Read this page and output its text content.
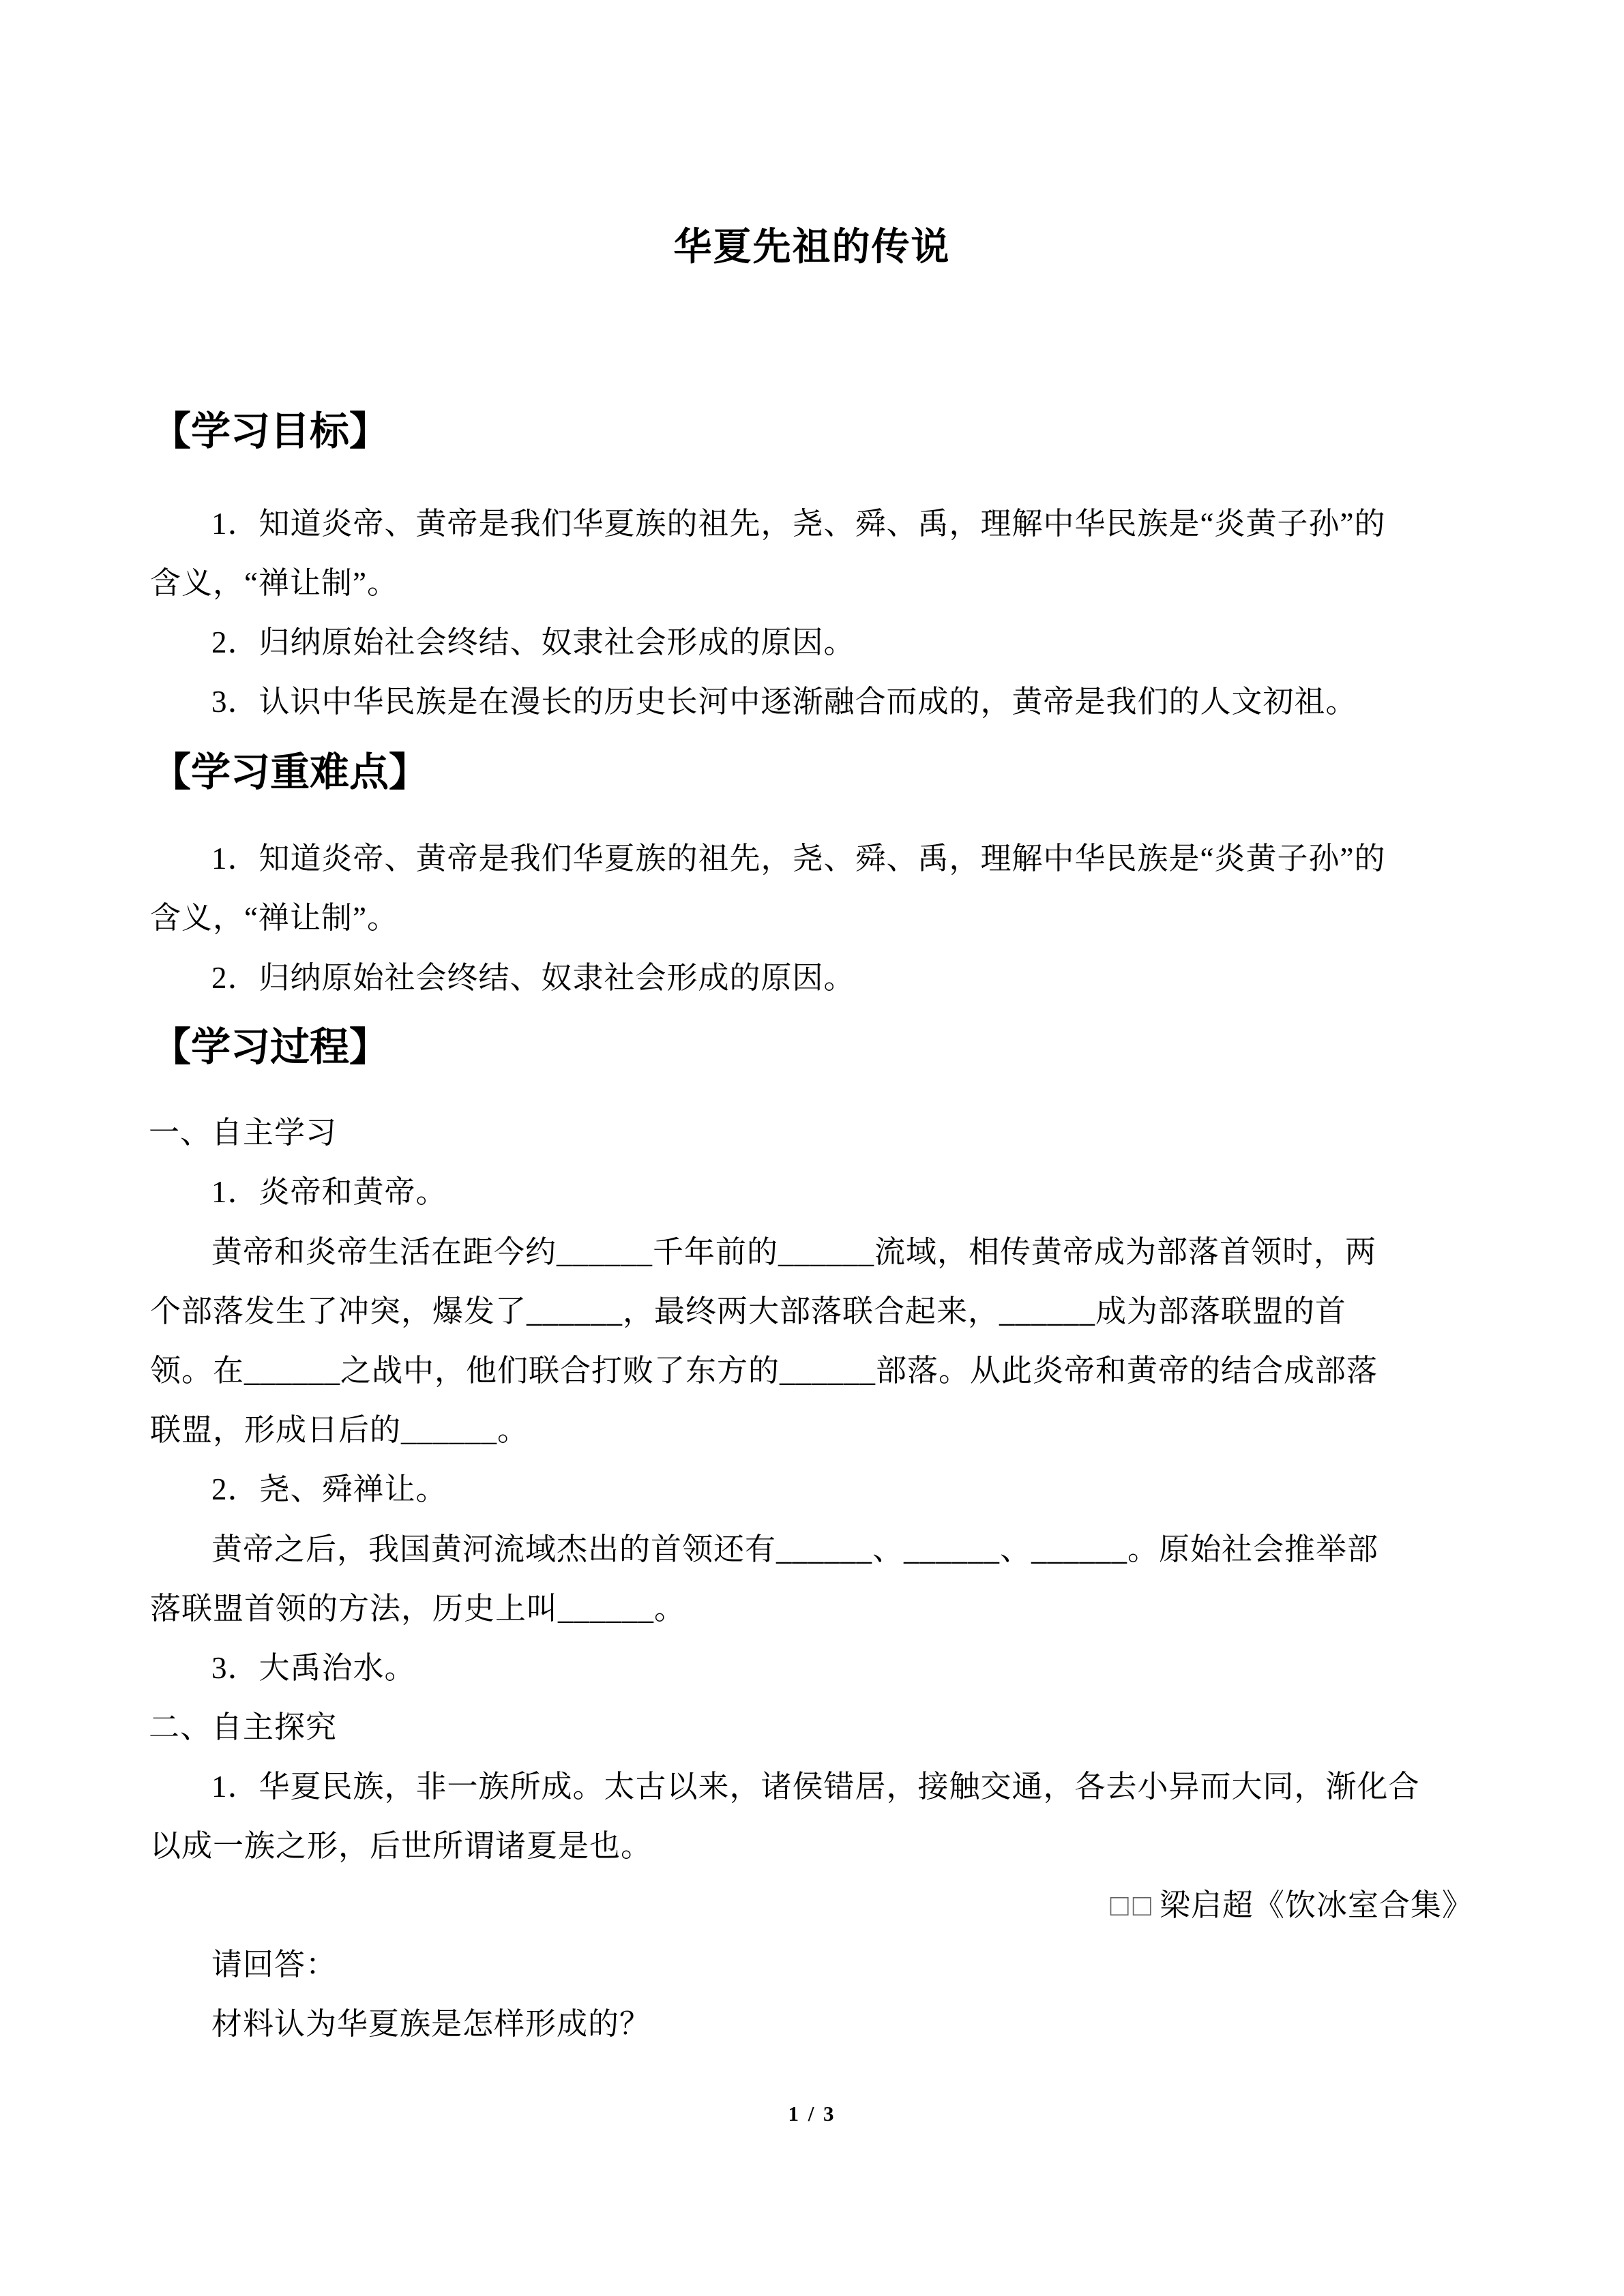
华夏先祖的传说
【学习目标】
1．知道炎帝、黄帝是我们华夏族的祖先，尧、舜、禹，理解中华民族是“炎黄子孙”的
含义，“禅让制”。
2．归纳原始社会终结、奴隶社会形成的原因。
3．认识中华民族是在漫长的历史长河中逐渐融合而成的，黄帝是我们的人文初祖。
【学习重难点】
1．知道炎帝、黄帝是我们华夏族的祖先，尧、舜、禹，理解中华民族是“炎黄子孙”的
含义，“禅让制”。
2．归纳原始社会终结、奴隶社会形成的原因。
【学习过程】
一、自主学习
1．炎帝和黄帝。
黄帝和炎帝生活在距今约______千年前的______流域，相传黄帝成为部落首领时，两
个部落发生了冲突，爆发了______，最终两大部落联合起来，______成为部落联盟的首
领。在______之战中，他们联合打败了东方的______部落。从此炎帝和黄帝的结合成部落
联盟，形成日后的______。
2．尧、舜禅让。
黄帝之后，我国黄河流域杰出的首领还有______、______、______。原始社会推举部
落联盟首领的方法，历史上叫______。
3．大禹治水。
二、自主探究
1．华夏民族，非一族所成。太古以来，诸侯错居，接触交通，各去小异而大同，渐化合
以成一族之形，后世所谓诸夏是也。
□□ 梁启超《饮冰室合集》
请回答：
材料认为华夏族是怎样形成的？
1 / 3
